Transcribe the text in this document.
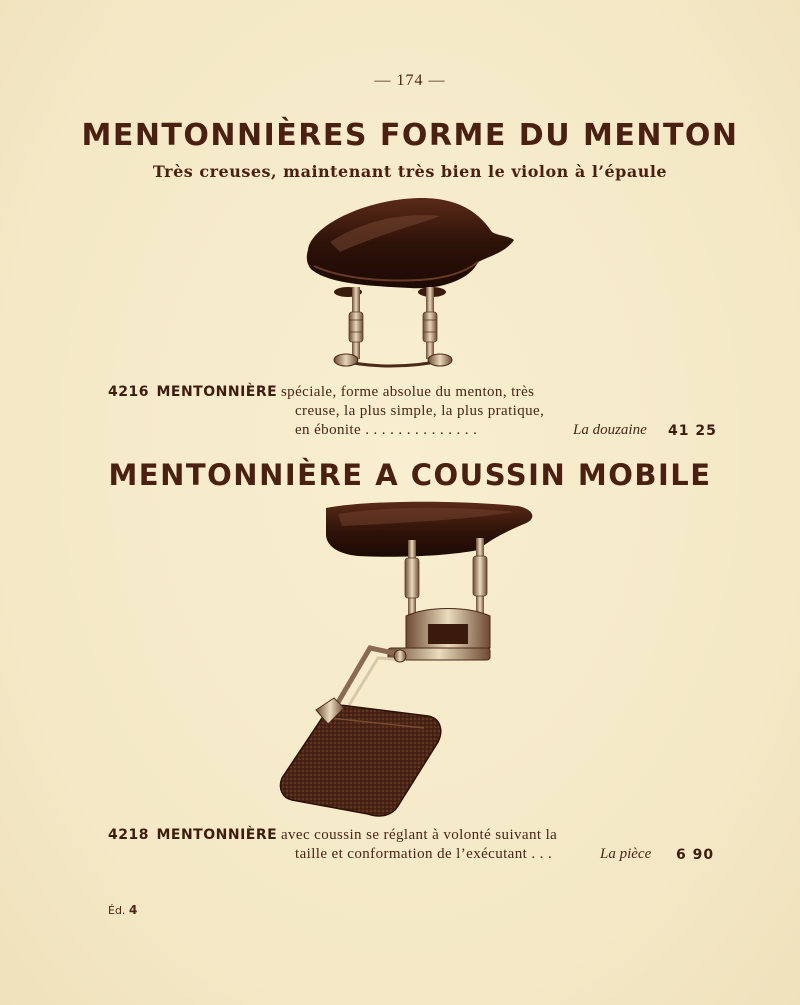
— 174 —
MENTONNIÈRES FORME DU MENTON
Très creuses, maintenant très bien le violon à l’épaule
4216 MENTONNIÈRE spéciale, forme absolue du menton, très
creuse, la plus simple, la plus pratique,
en ébonite . . . . . . . . . . . . . .	La douzaine 41 25
MENTONNIÈRE A COUSSIN MOBILE
4218 MENTONNIÈRE avec coussin se réglant à volonté suivant la
taille et conformation de l’exécutant . . .	La pièce 6 90
Éd. 4
